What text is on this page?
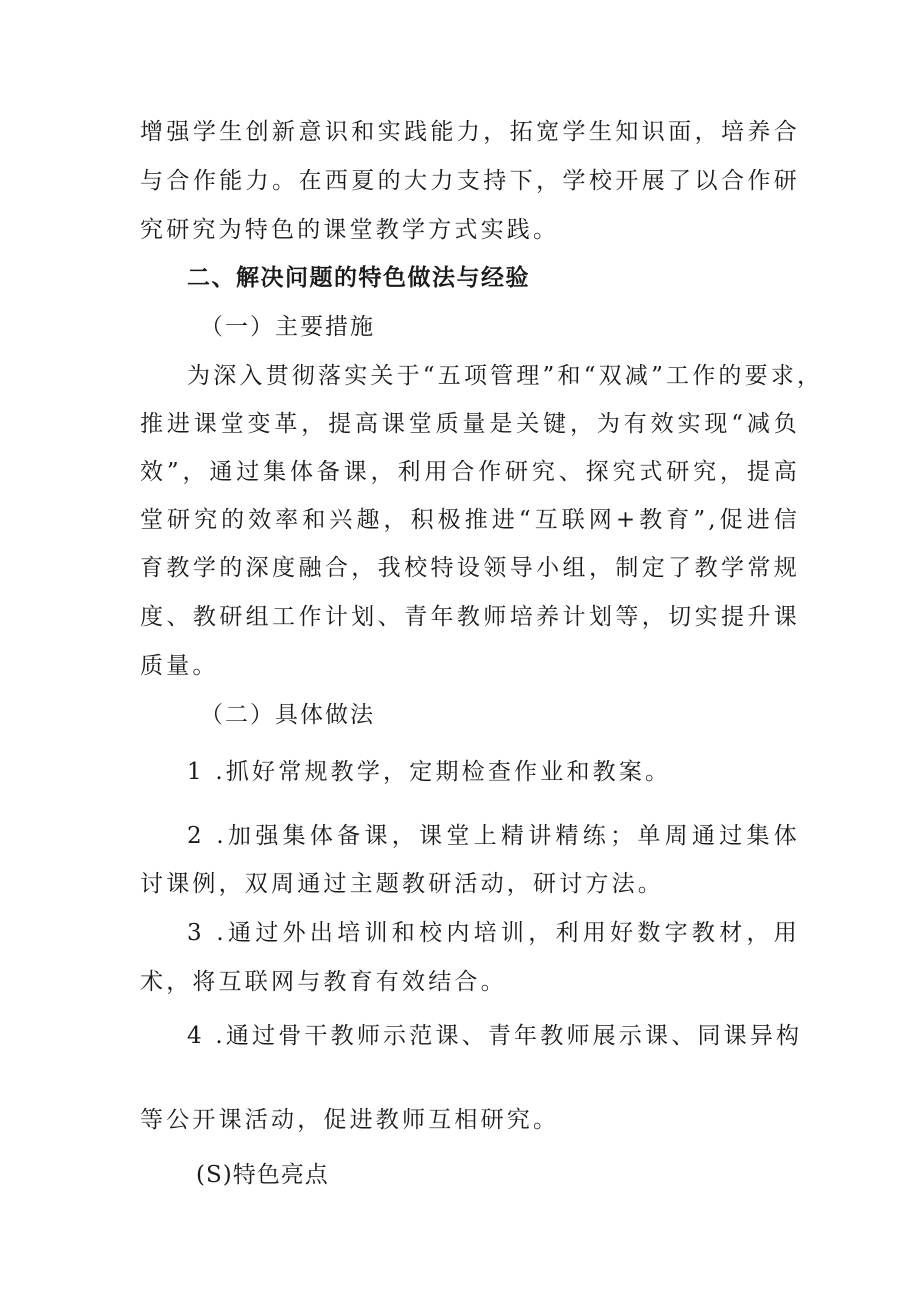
增强学生创新意识和实践能力，拓宽学生知识面，培养合
与合作能力。在西夏的大力支持下，学校开展了以合作研
究研究为特色的课堂教学方式实践。
二、解决问题的特色做法与经验
（一）主要措施
为深入贯彻落实关于“五项管理”和“双减”工作的要求，
推进课堂变革，提高课堂质量是关键，为有效实现“减负
效”，通过集体备课，利用合作研究、探究式研究，提高
堂研究的效率和兴趣，积极推进“互联网+教育”,促进信
育教学的深度融合，我校特设领导小组，制定了教学常规
度、教研组工作计划、青年教师培养计划等，切实提升课
质量。
（二）具体做法
1 .抓好常规教学，定期检查作业和教案。
2 .加强集体备课，课堂上精讲精练；单周通过集体
讨课例，双周通过主题教研活动，研讨方法。
3 .通过外出培训和校内培训，利用好数字教材，用
术，将互联网与教育有效结合。
4 .通过骨干教师示范课、青年教师展示课、同课异构
等公开课活动，促进教师互相研究。
(S)特色亮点
